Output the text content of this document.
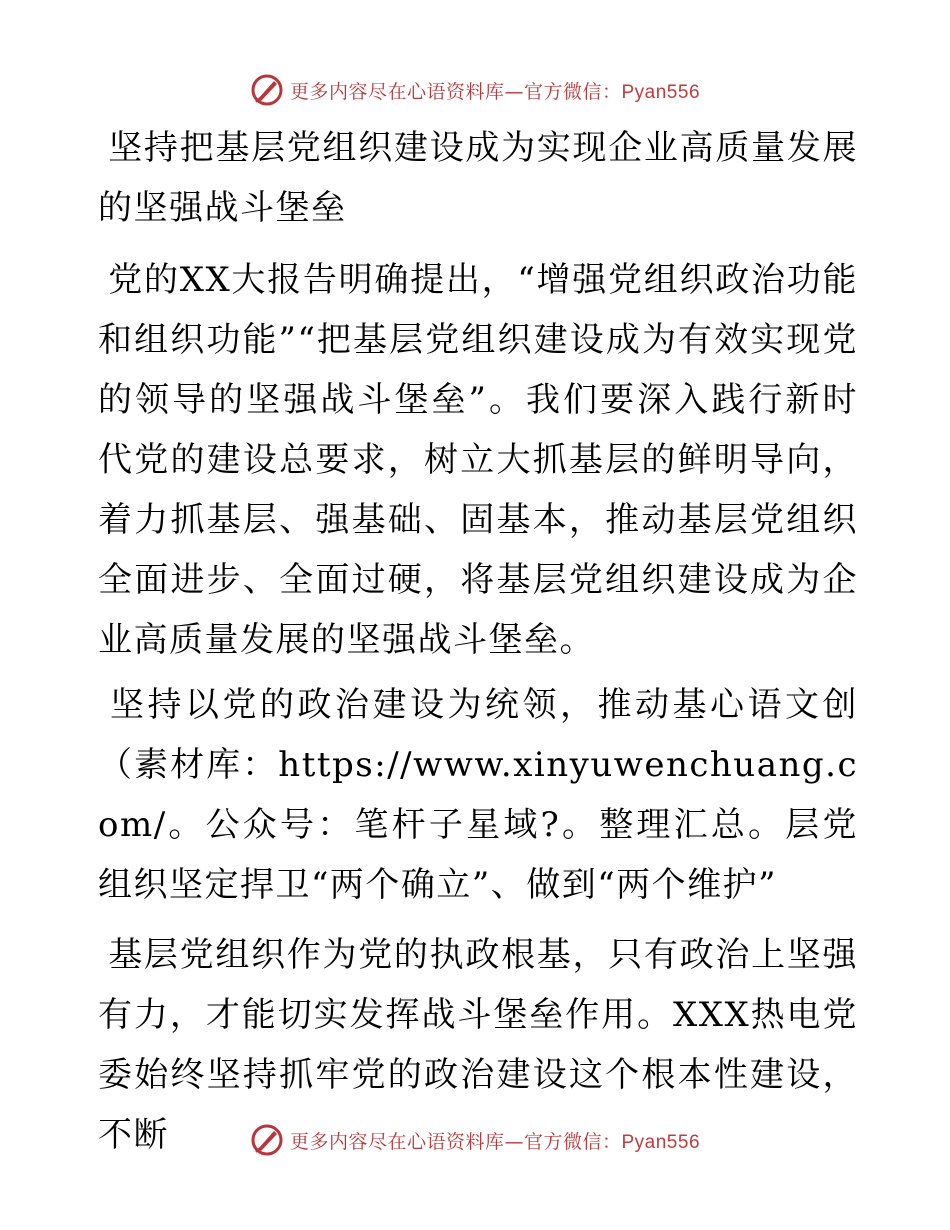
更多内容尽在心语资料库—官方微信：Pyan556
坚持把基层党组织建设成为实现企业高质量发展的坚强战斗堡垒
党的XX大报告明确提出，“增强党组织政治功能和组织功能”“把基层党组织建设成为有效实现党的领导的坚强战斗堡垒”。我们要深入践行新时代党的建设总要求，树立大抓基层的鲜明导向，着力抓基层、强基础、固基本，推动基层党组织全面进步、全面过硬，将基层党组织建设成为企业高质量发展的坚强战斗堡垒。
坚持以党的政治建设为统领，推动基心语文创（素材库：https://www.xinyuwenchuang.com/。公众号：笔杆子星域?。整理汇总。层党组织坚定捍卫“两个确立”、做到“两个维护”
基层党组织作为党的执政根基，只有政治上坚强有力，才能切实发挥战斗堡垒作用。XXX热电党委始终坚持抓牢党的政治建设这个根本性建设，不断	更多内容尽在心语资料库—官方微信：Pyan556
